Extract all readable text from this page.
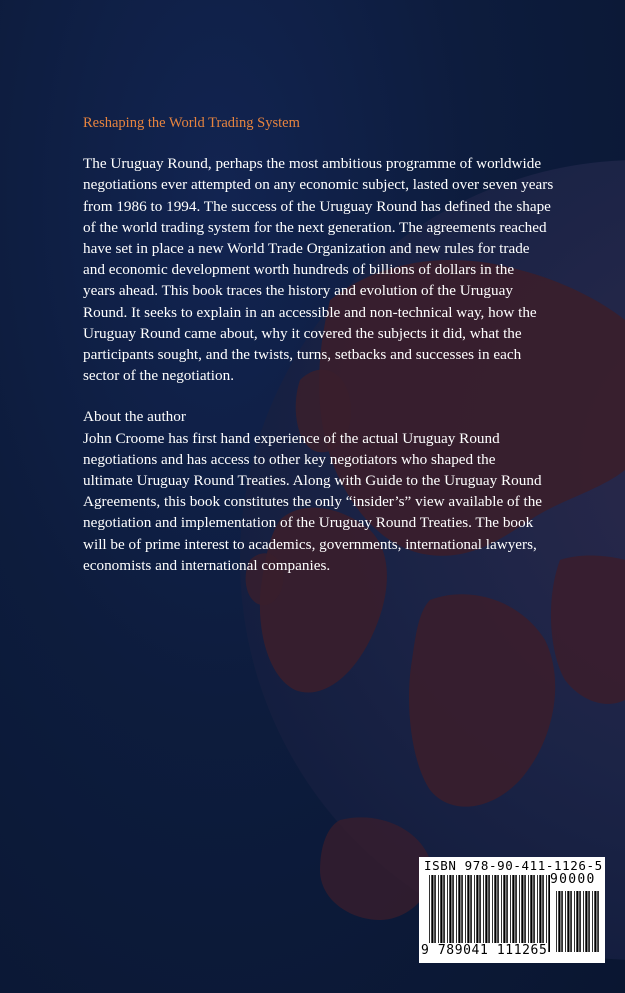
Reshaping the World Trading System
The Uruguay Round, perhaps the most ambitious programme of worldwide
negotiations ever attempted on any economic subject, lasted over seven years
from 1986 to 1994. The success of the Uruguay Round has defined the shape
of the world trading system for the next generation. The agreements reached
have set in place a new World Trade Organization and new rules for trade
and economic development worth hundreds of billions of dollars in the
years ahead. This book traces the history and evolution of the Uruguay
Round. It seeks to explain in an accessible and non-technical way, how the
Uruguay Round came about, why it covered the subjects it did, what the
participants sought, and the twists, turns, setbacks and successes in each
sector of the negotiation.
About the author
John Croome has first hand experience of the actual Uruguay Round
negotiations and has access to other key negotiators who shaped the
ultimate Uruguay Round Treaties. Along with Guide to the Uruguay Round
Agreements, this book constitutes the only “insider’s” view available of the
negotiation and implementation of the Uruguay Round Treaties. The book
will be of prime interest to academics, governments, international lawyers,
economists and international companies.
ISBN 978-90-411-1126-5
90000
9 789041 111265
